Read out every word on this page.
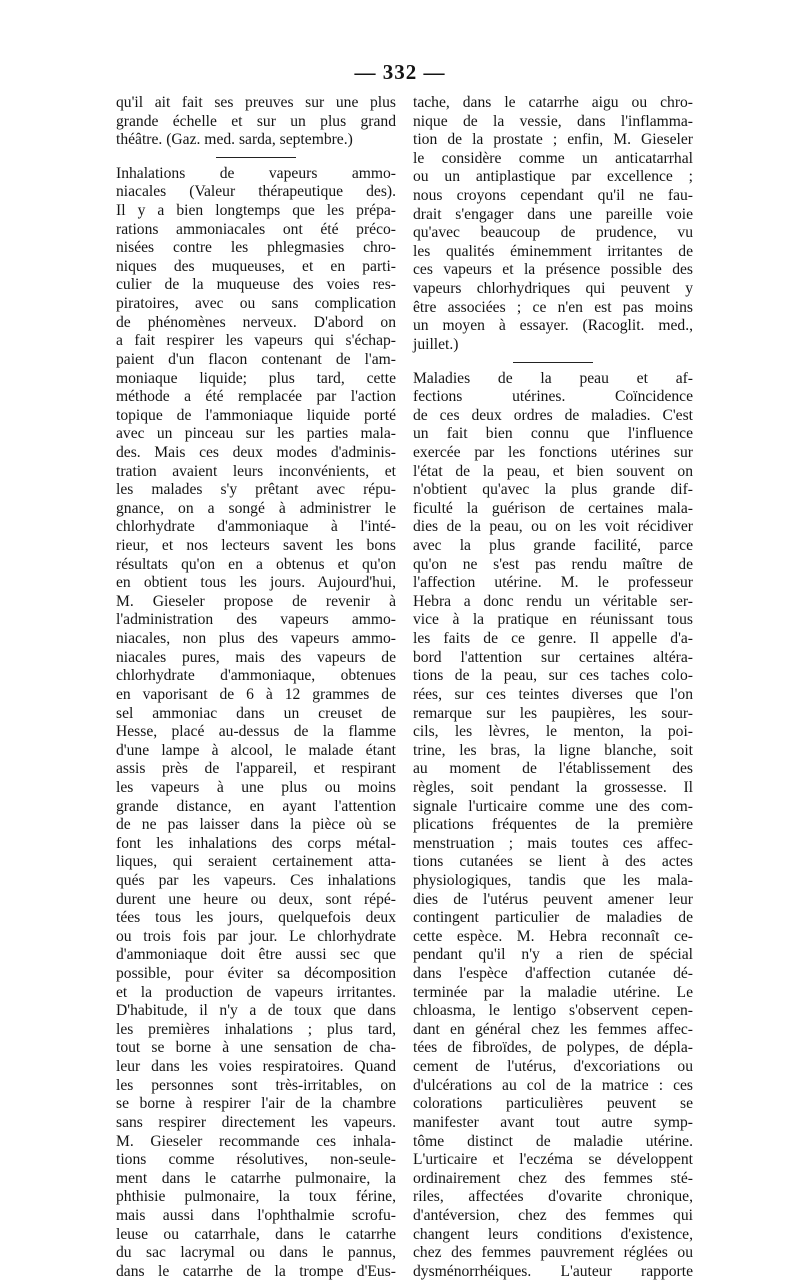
— 332 —
qu'il ait fait ses preuves sur une plus
grande échelle et sur un plus grand
théâtre. (Gaz. med. sarda, septembre.)
Inhalations de vapeurs ammo-
niacales (Valeur thérapeutique des).
Il y a bien longtemps que les prépa-
rations ammoniacales ont été préco-
nisées contre les phlegmasies chro-
niques des muqueuses, et en parti-
culier de la muqueuse des voies res-
piratoires, avec ou sans complication
de phénomènes nerveux. D'abord on
a fait respirer les vapeurs qui s'échap-
paient d'un flacon contenant de l'am-
moniaque liquide; plus tard, cette
méthode a été remplacée par l'action
topique de l'ammoniaque liquide porté
avec un pinceau sur les parties mala-
des. Mais ces deux modes d'adminis-
tration avaient leurs inconvénients, et
les malades s'y prêtant avec répu-
gnance, on a songé à administrer le
chlorhydrate d'ammoniaque à l'inté-
rieur, et nos lecteurs savent les bons
résultats qu'on en a obtenus et qu'on
en obtient tous les jours. Aujourd'hui,
M. Gieseler propose de revenir à
l'administration des vapeurs ammo-
niacales, non plus des vapeurs ammo-
niacales pures, mais des vapeurs de
chlorhydrate d'ammoniaque, obtenues
en vaporisant de 6 à 12 grammes de
sel ammoniac dans un creuset de
Hesse, placé au-dessus de la flamme
d'une lampe à alcool, le malade étant
assis près de l'appareil, et respirant
les vapeurs à une plus ou moins
grande distance, en ayant l'attention
de ne pas laisser dans la pièce où se
font les inhalations des corps métal-
liques, qui seraient certainement atta-
qués par les vapeurs. Ces inhalations
durent une heure ou deux, sont répé-
tées tous les jours, quelquefois deux
ou trois fois par jour. Le chlorhydrate
d'ammoniaque doit être aussi sec que
possible, pour éviter sa décomposition
et la production de vapeurs irritantes.
D'habitude, il n'y a de toux que dans
les premières inhalations ; plus tard,
tout se borne à une sensation de cha-
leur dans les voies respiratoires. Quand
les personnes sont très-irritables, on
se borne à respirer l'air de la chambre
sans respirer directement les vapeurs.
M. Gieseler recommande ces inhala-
tions comme résolutives, non-seule-
ment dans le catarrhe pulmonaire, la
phthisie pulmonaire, la toux férine,
mais aussi dans l'ophthalmie scrofu-
leuse ou catarrhale, dans le catarrhe
du sac lacrymal ou dans le pannus,
dans le catarrhe de la trompe d'Eus-
tache, dans le catarrhe aigu ou chro-
nique de la vessie, dans l'inflamma-
tion de la prostate ; enfin, M. Gieseler
le considère comme un anticatarrhal
ou un antiplastique par excellence ;
nous croyons cependant qu'il ne fau-
drait s'engager dans une pareille voie
qu'avec beaucoup de prudence, vu
les qualités éminemment irritantes de
ces vapeurs et la présence possible des
vapeurs chlorhydriques qui peuvent y
être associées ; ce n'en est pas moins
un moyen à essayer. (Racoglit. med.,
juillet.)
Maladies de la peau et af-
fections utérines. Coïncidence
de ces deux ordres de maladies. C'est
un fait bien connu que l'influence
exercée par les fonctions utérines sur
l'état de la peau, et bien souvent on
n'obtient qu'avec la plus grande dif-
ficulté la guérison de certaines mala-
dies de la peau, ou on les voit récidiver
avec la plus grande facilité, parce
qu'on ne s'est pas rendu maître de
l'affection utérine. M. le professeur
Hebra a donc rendu un véritable ser-
vice à la pratique en réunissant tous
les faits de ce genre. Il appelle d'a-
bord l'attention sur certaines altéra-
tions de la peau, sur ces taches colo-
rées, sur ces teintes diverses que l'on
remarque sur les paupières, les sour-
cils, les lèvres, le menton, la poi-
trine, les bras, la ligne blanche, soit
au moment de l'établissement des
règles, soit pendant la grossesse. Il
signale l'urticaire comme une des com-
plications fréquentes de la première
menstruation ; mais toutes ces affec-
tions cutanées se lient à des actes
physiologiques, tandis que les mala-
dies de l'utérus peuvent amener leur
contingent particulier de maladies de
cette espèce. M. Hebra reconnaît ce-
pendant qu'il n'y a rien de spécial
dans l'espèce d'affection cutanée dé-
terminée par la maladie utérine. Le
chloasma, le lentigo s'observent cepen-
dant en général chez les femmes affec-
tées de fibroïdes, de polypes, de dépla-
cement de l'utérus, d'excoriations ou
d'ulcérations au col de la matrice : ces
colorations particulières peuvent se
manifester avant tout autre symp-
tôme distinct de maladie utérine.
L'urticaire et l'eczéma se développent
ordinairement chez des femmes sté-
riles, affectées d'ovarite chronique,
d'antéversion, chez des femmes qui
changent leurs conditions d'existence,
chez des femmes pauvrement réglées ou
dysménorrhéiques. L'auteur rapporte
